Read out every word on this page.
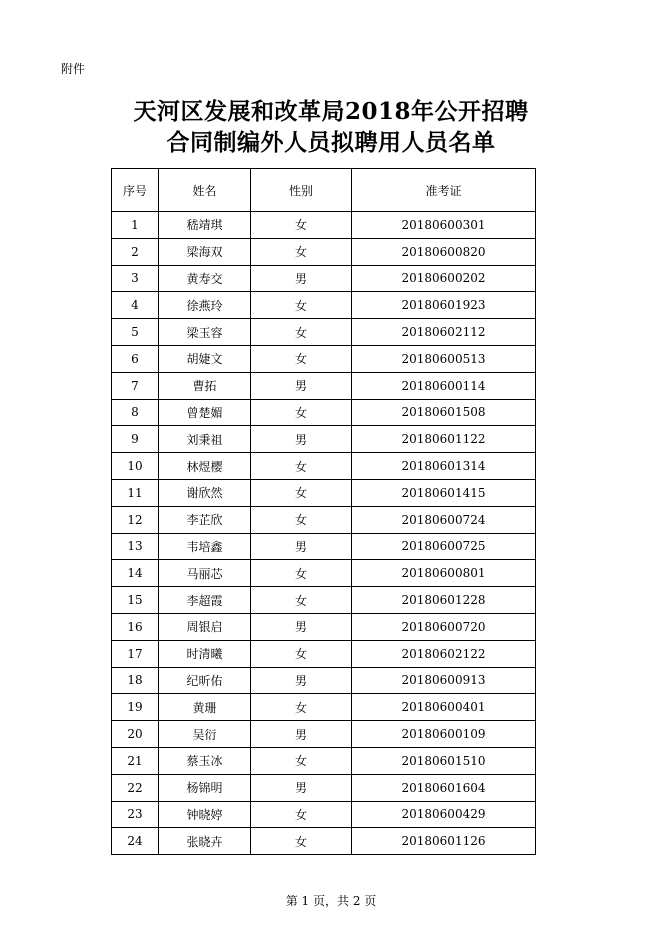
附件
天河区发展和改革局2018年公开招聘
合同制编外人员拟聘用人员名单
序号	姓名	性别	准考证
1	嵇靖琪	女	20180600301
2	梁海双	女	20180600820
3	黄寿交	男	20180600202
4	徐燕玲	女	20180601923
5	梁玉容	女	20180602112
6	胡婕文	女	20180600513
7	曹拓	男	20180600114
8	曾楚媚	女	20180601508
9	刘秉祖	男	20180601122
10	林煜樱	女	20180601314
11	谢欣然	女	20180601415
12	李芷欣	女	20180600724
13	韦培鑫	男	20180600725
14	马丽芯	女	20180600801
15	李超霞	女	20180601228
16	周银启	男	20180600720
17	时清曦	女	20180602122
18	纪昕佑	男	20180600913
19	黄珊	女	20180600401
20	吴衍	男	20180600109
21	蔡玉冰	女	20180601510
22	杨锦明	男	20180601604
23	钟晓婷	女	20180600429
24	张晓卉	女	20180601126
第 1 页，共 2 页
